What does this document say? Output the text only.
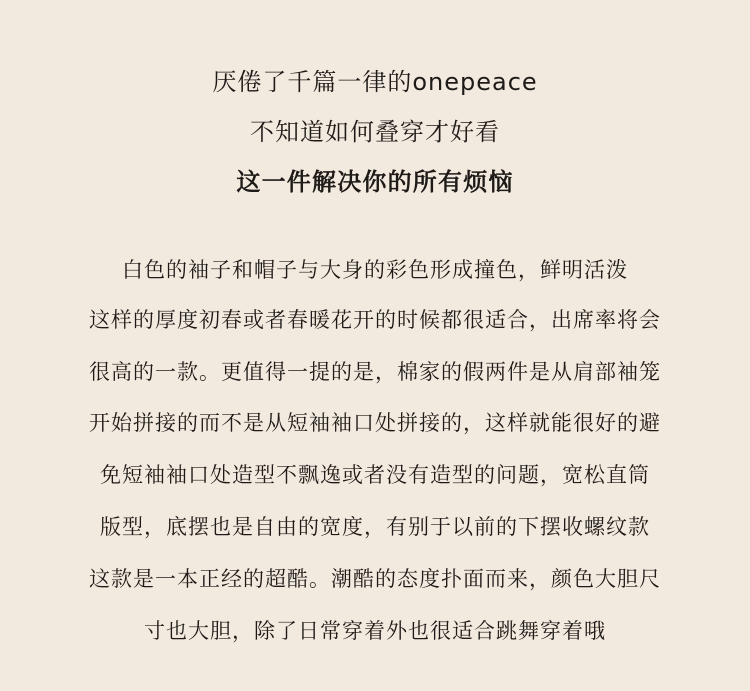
厌倦了千篇一律的onepeace
不知道如何叠穿才好看
这一件解决你的所有烦恼
白色的袖子和帽子与大身的彩色形成撞色，鲜明活泼
这样的厚度初春或者春暖花开的时候都很适合，出席率将会
很高的一款。更值得一提的是，棉家的假两件是从肩部袖笼
开始拼接的而不是从短袖袖口处拼接的，这样就能很好的避
免短袖袖口处造型不飘逸或者没有造型的问题，宽松直筒
版型，底摆也是自由的宽度，有别于以前的下摆收螺纹款
这款是一本正经的超酷。潮酷的态度扑面而来，颜色大胆尺
寸也大胆，除了日常穿着外也很适合跳舞穿着哦
